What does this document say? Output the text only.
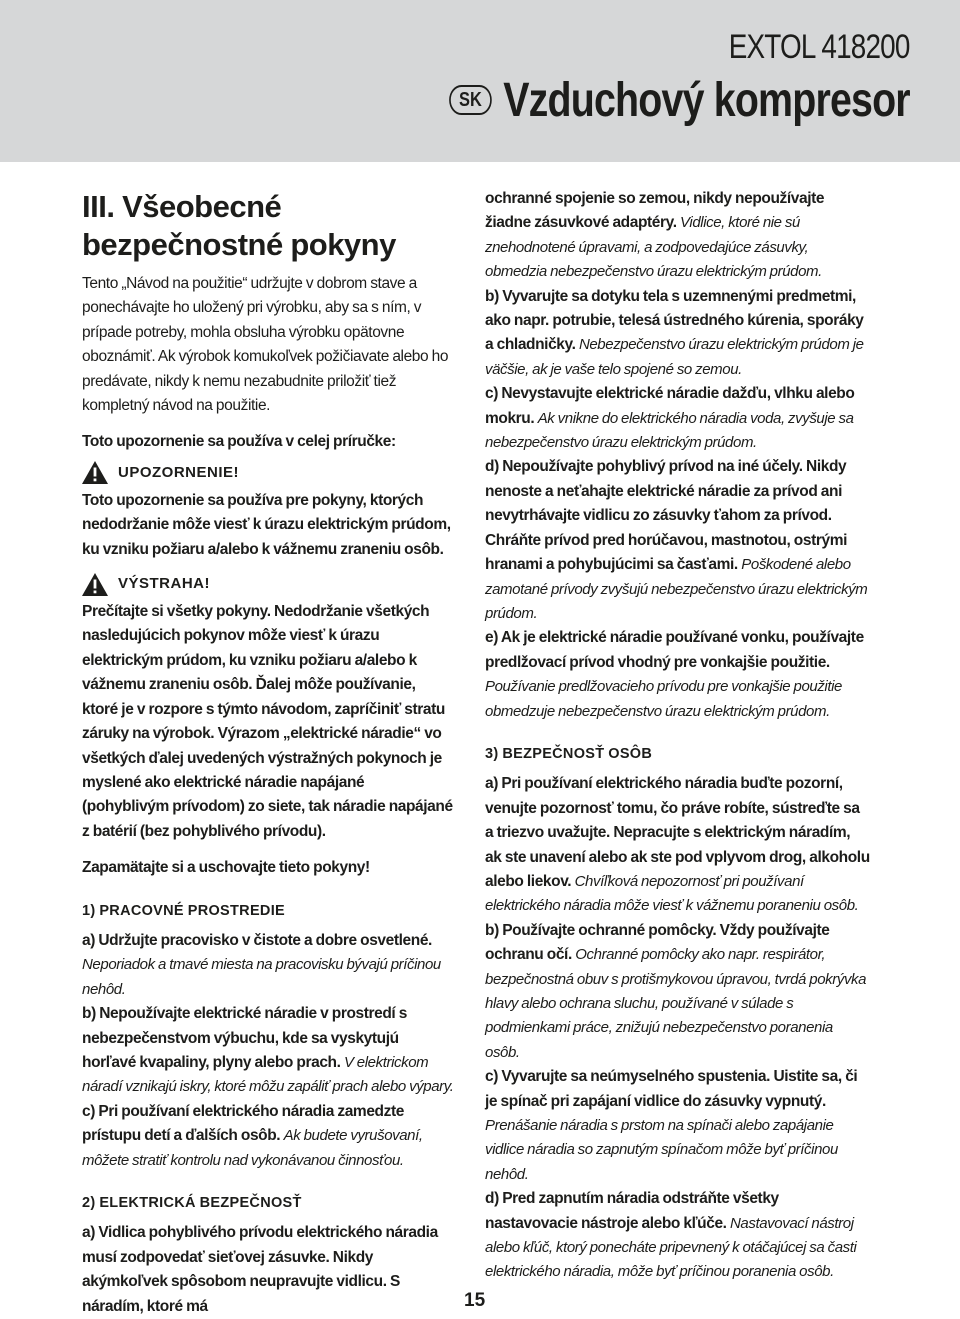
EXTOL 418200
SK Vzduchový kompresor
III. Všeobecné
bezpečnostné pokyny

Tento „Návod na použitie“ udržujte v dobrom stave a ponechávajte ho uložený pri výrobku, aby sa s ním, v prípade potreby, mohla obsluha výrobku opätovne oboznámiť. Ak výrobok komukoľvek požičiavate alebo ho predávate, nikdy k nemu nezabudnite priložiť tiež kompletný návod na použitie.

Toto upozornenie sa používa v celej príručke:

UPOZORNENIE!

Toto upozornenie sa používa pre pokyny, ktorých nedodržanie môže viesť k úrazu elektrickým prúdom, ku vzniku požiaru a/alebo k vážnemu zraneniu osôb.

VÝSTRAHA!

Prečítajte si všetky pokyny. Nedodržanie všetkých nasledujúcich pokynov môže viesť k úrazu elektrickým prúdom, ku vzniku požiaru a/alebo k vážnemu zraneniu osôb. Ďalej môže používanie, ktoré je v rozpore s týmto návodom, zapríčiniť stratu záruky na výrobok. Výrazom „elektrické náradie“ vo všetkých ďalej uvedených výstražných pokynoch je myslené ako elektrické náradie napájané (pohyblivým prívodom) zo siete, tak náradie napájané z batérií (bez pohyblivého prívodu).

Zapamätajte si a uschovajte tieto pokyny!

1) PRACOVNÉ PROSTREDIE

a) Udržujte pracovisko v čistote a dobre osvetlené. Neporiadok a tmavé miesta na pracovisku bývajú príčinou nehôd.

b) Nepoužívajte elektrické náradie v prostredí s nebezpečenstvom výbuchu, kde sa vyskytujú horľavé kvapaliny, plyny alebo prach. V elektrickom náradí vznikajú iskry, ktoré môžu zapáliť prach alebo výpary.

c) Pri používaní elektrického náradia zamedzte prístupu detí a ďalších osôb. Ak budete vyrušovaní, môžete stratiť kontrolu nad vykonávanou činnosťou.

2) ELEKTRICKÁ BEZPEČNOSŤ

a) Vidlica pohyblivého prívodu elektrického náradia musí zodpovedať sieťovej zásuvke. Nikdy akýmkoľvek spôsobom neupravujte vidlicu. S náradím, ktoré má

ochranné spojenie so zemou, nikdy nepoužívajte žiadne zásuvkové adaptéry. Vidlice, ktoré nie sú znehodnotené úpravami, a zodpovedajúce zásuvky, obmedzia nebezpečenstvo úrazu elektrickým prúdom.

b) Vyvarujte sa dotyku tela s uzemnenými predmetmi, ako napr. potrubie, telesá ústredného kúrenia, sporáky a chladničky. Nebezpečenstvo úrazu elektrickým prúdom je väčšie, ak je vaše telo spojené so zemou.

c) Nevystavujte elektrické náradie dažďu, vlhku alebo mokru. Ak vnikne do elektrického náradia voda, zvyšuje sa nebezpečenstvo úrazu elektrickým prúdom.

d) Nepoužívajte pohyblivý prívod na iné účely. Nikdy nenoste a neťahajte elektrické náradie za prívod ani nevytrhávajte vidlicu zo zásuvky ťahom za prívod. Chráňte prívod pred horúčavou, mastnotou, ostrými hranami a pohybujúcimi sa časťami. Poškodené alebo zamotané prívody zvyšujú nebezpečenstvo úrazu elektrickým prúdom.

e) Ak je elektrické náradie používané vonku, používajte predlžovací prívod vhodný pre vonkajšie použitie. Používanie predlžovacieho prívodu pre vonkajšie použitie obmedzuje nebezpečenstvo úrazu elektrickým prúdom.

3) BEZPEČNOSŤ OSÔB

a) Pri používaní elektrického náradia buďte pozorní, venujte pozornosť tomu, čo práve robíte, sústreďte sa a triezvo uvažujte. Nepracujte s elektrickým náradím, ak ste unavení alebo ak ste pod vplyvom drog, alkoholu alebo liekov. Chvíľková nepozornosť pri používaní elektrického náradia môže viesť k vážnemu poraneniu osôb.

b) Používajte ochranné pomôcky. Vždy používajte ochranu očí. Ochranné pomôcky ako napr. respirátor, bezpečnostná obuv s protišmykovou úpravou, tvrdá pokrývka hlavy alebo ochrana sluchu, používané v súlade s podmienkami práce, znižujú nebezpečenstvo poranenia osôb.

c) Vyvarujte sa neúmyselného spustenia. Uistite sa, či je spínač pri zapájaní vidlice do zásuvky vypnutý. Prenášanie náradia s prstom na spínači alebo zapájanie vidlice náradia so zapnutým spínačom môže byť príčinou nehôd.

d) Pred zapnutím náradia odstráňte všetky nastavovacie nástroje alebo kľúče. Nastavovací nástroj alebo kľúč, ktorý ponecháte pripevnený k otáčajúcej sa časti elektrického náradia, môže byť príčinou poranenia osôb.

15
